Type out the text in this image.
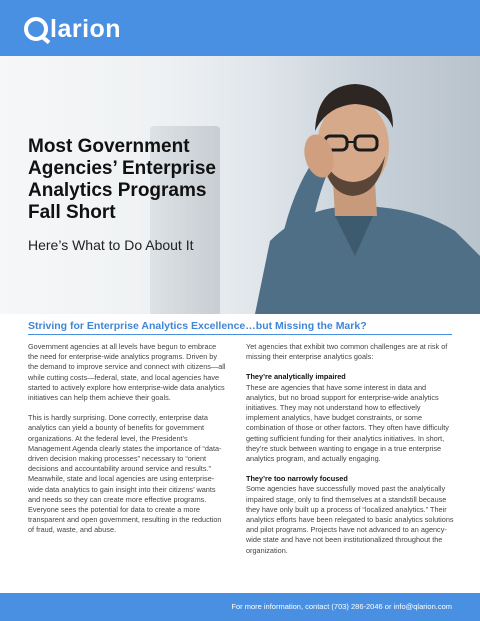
larion
Most Government Agencies’ Enterprise Analytics Programs Fall Short

Here’s What to Do About It

Striving for Enterprise Analytics Excellence…but Missing the Mark?

Government agencies at all levels have begun to embrace the need for enterprise-wide analytics programs. Driven by the demand to improve service and connect with citizens—all while cutting costs—federal, state, and local agencies have started to actively explore how enterprise-wide data analytics initiatives can help them achieve their goals.

This is hardly surprising. Done correctly, enterprise data analytics can yield a bounty of benefits for government organizations. At the federal level, the President’s Management Agenda clearly states the importance of “data-driven decision making processes” necessary to “orient decisions and accountability around service and results.” Meanwhile, state and local agencies are using enterprise-wide data analytics to gain insight into their citizens’ wants and needs so they can create more effective programs. Everyone sees the potential for data to create a more transparent and open government, resulting in the reduction of fraud, waste, and abuse.

Yet agencies that exhibit two common challenges are at risk of missing their enterprise analytics goals:

They’re analytically impaired

These are agencies that have some interest in data and analytics, but no broad support for enterprise-wide analytics initiatives. They may not understand how to effectively implement analytics, have budget constraints, or some combination of those or other factors. They often have difficulty getting sufficient funding for their analytics initiatives. In short, they’re stuck between wanting to engage in a true enterprise analytics program, and actually engaging.

They’re too narrowly focused

Some agencies have successfully moved past the analytically impaired stage, only to find themselves at a standstill because they have only built up a process of “localized analytics.” Their analytics efforts have been relegated to basic analytics solutions and pilot programs. Projects have not advanced to an agency-wide state and have not been institutionalized throughout the organization.

For more information, contact (703) 286-2046 or info@qlarion.com
